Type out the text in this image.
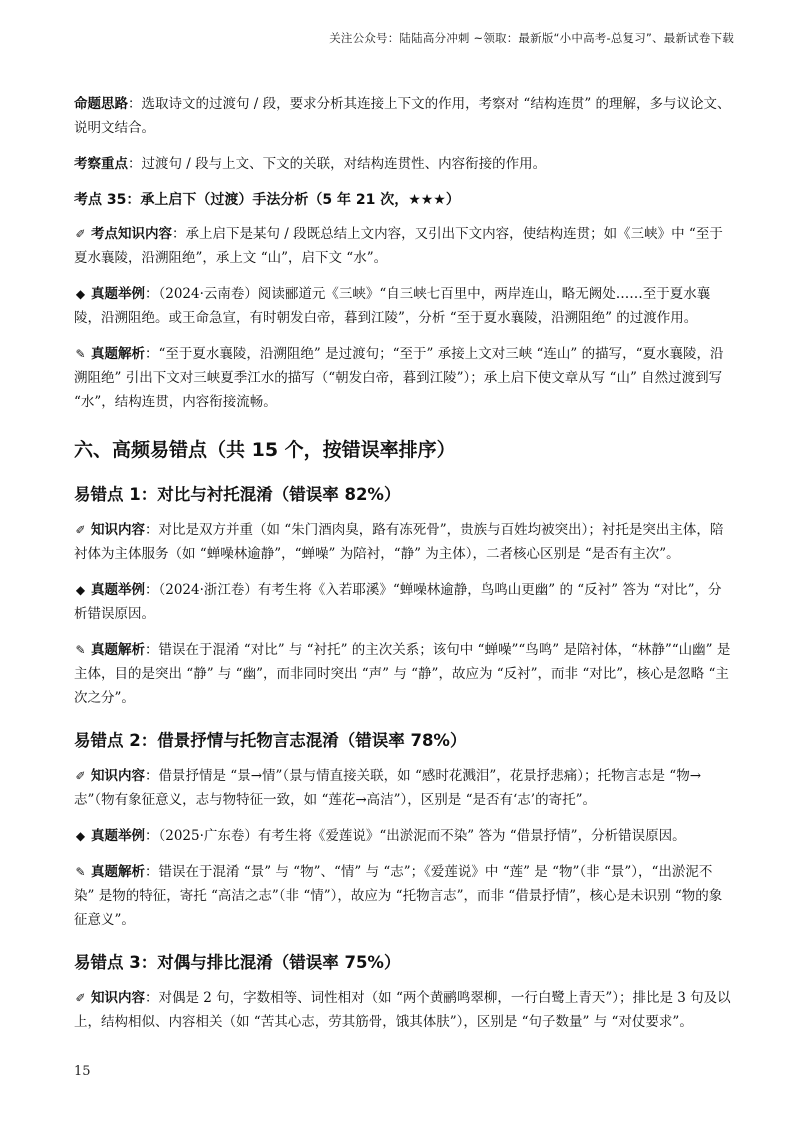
关注公众号：陆陆高分冲刺 ~领取：最新版“小中高考-总复习”、最新试卷下载

命题思路：选取诗文的过渡句 / 段，要求分析其连接上下文的作用，考察对 “结构连贯” 的理解，多与议论文、说明文结合。

考察重点：过渡句 / 段与上文、下文的关联，对结构连贯性、内容衔接的作用。

考点 35：承上启下（过渡）手法分析（5 年 21 次，★★★）

✐ 考点知识内容：承上启下是某句 / 段既总结上文内容，又引出下文内容，使结构连贯；如《三峡》中 “至于夏水襄陵，沿溯阻绝”，承上文 “山”，启下文 “水”。

◆ 真题举例：（2024·云南卷）阅读郦道元《三峡》“自三峡七百里中，两岸连山，略无阙处……至于夏水襄陵，沿溯阻绝。或王命急宣，有时朝发白帝，暮到江陵”，分析 “至于夏水襄陵，沿溯阻绝” 的过渡作用。

✎ 真题解析：“至于夏水襄陵，沿溯阻绝” 是过渡句；“至于” 承接上文对三峡 “连山” 的描写，“夏水襄陵，沿溯阻绝” 引出下文对三峡夏季江水的描写（“朝发白帝，暮到江陵”）；承上启下使文章从写 “山” 自然过渡到写 “水”，结构连贯，内容衔接流畅。

六、高频易错点（共 15 个，按错误率排序）
易错点 1：对比与衬托混淆（错误率 82%）

✐ 知识内容：对比是双方并重（如 “朱门酒肉臭，路有冻死骨”，贵族与百姓均被突出）；衬托是突出主体，陪衬体为主体服务（如 “蝉噪林逾静”，“蝉噪” 为陪衬，“静” 为主体），二者核心区别是 “是否有主次”。

◆ 真题举例：（2024·浙江卷）有考生将《入若耶溪》“蝉噪林逾静，鸟鸣山更幽” 的 “反衬” 答为 “对比”，分析错误原因。

✎ 真题解析：错误在于混淆 “对比” 与 “衬托” 的主次关系；该句中 “蝉噪”“鸟鸣” 是陪衬体，“林静”“山幽” 是主体，目的是突出 “静” 与 “幽”，而非同时突出 “声” 与 “静”，故应为 “反衬”，而非 “对比”，核心是忽略 “主次之分”。

易错点 2：借景抒情与托物言志混淆（错误率 78%）

✐ 知识内容：借景抒情是 “景→情”（景与情直接关联，如 “感时花溅泪”，花景抒悲痛）；托物言志是 “物→志”（物有象征意义，志与物特征一致，如 “莲花→高洁”），区别是 “是否有‘志’的寄托”。

◆ 真题举例：（2025·广东卷）有考生将《爱莲说》“出淤泥而不染” 答为 “借景抒情”，分析错误原因。

✎ 真题解析：错误在于混淆 “景” 与 “物”、“情” 与 “志”；《爱莲说》中 “莲” 是 “物”（非 “景”），“出淤泥不染” 是物的特征，寄托 “高洁之志”（非 “情”），故应为 “托物言志”，而非 “借景抒情”，核心是未识别 “物的象征意义”。

易错点 3：对偶与排比混淆（错误率 75%）

✐ 知识内容：对偶是 2 句，字数相等、词性相对（如 “两个黄鹂鸣翠柳，一行白鹭上青天”）；排比是 3 句及以上，结构相似、内容相关（如 “苦其心志，劳其筋骨，饿其体肤”），区别是 “句子数量” 与 “对仗要求”。

15
